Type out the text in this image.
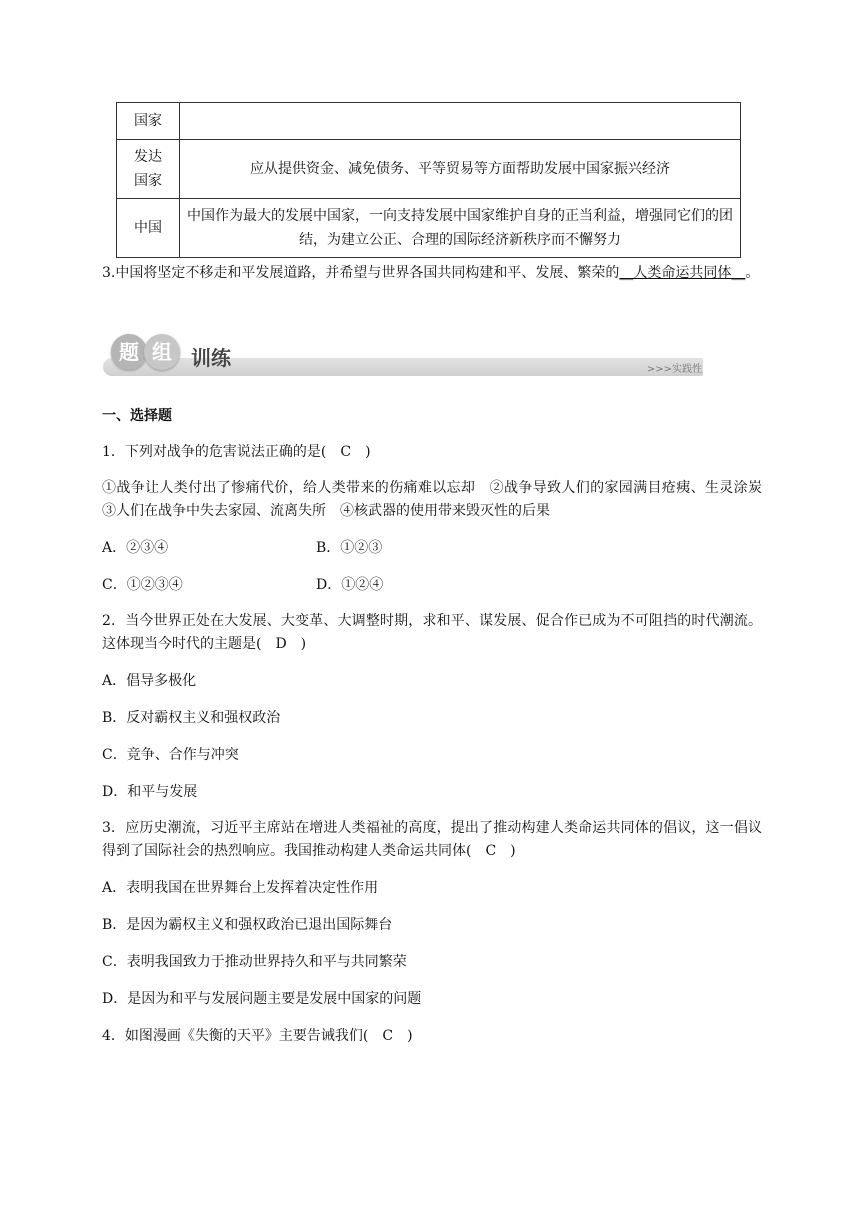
国家	
发达国家	应从提供资金、减免债务、平等贸易等方面帮助发展中国家振兴经济
中国	中国作为最大的发展中国家，一向支持发展中国家维护自身的正当利益，增强同它们的团结，为建立公正、合理的国际经济新秩序而不懈努力
3.中国将坚定不移走和平发展道路，并希望与世界各国共同构建和平、发展、繁荣的__人类命运共同体__。
题 组 训练	>>>实践性
一、选择题
1．下列对战争的危害说法正确的是(　C　)
①战争让人类付出了惨痛代价，给人类带来的伤痛难以忘却　②战争导致人们的家园满目疮痍、生灵涂炭　③人们在战争中失去家园、流离失所　④核武器的使用带来毁灭性的后果
A．②③④	B．①②③
C．①②③④	D．①②④
2．当今世界正处在大发展、大变革、大调整时期，求和平、谋发展、促合作已成为不可阻挡的时代潮流。这体现当今时代的主题是(　D　)
A．倡导多极化
B．反对霸权主义和强权政治
C．竞争、合作与冲突
D．和平与发展
3．应历史潮流，习近平主席站在增进人类福祉的高度，提出了推动构建人类命运共同体的倡议，这一倡议得到了国际社会的热烈响应。我国推动构建人类命运共同体(　C　)
A．表明我国在世界舞台上发挥着决定性作用
B．是因为霸权主义和强权政治已退出国际舞台
C．表明我国致力于推动世界持久和平与共同繁荣
D．是因为和平与发展问题主要是发展中国家的问题
4．如图漫画《失衡的天平》主要告诫我们(　C　)
